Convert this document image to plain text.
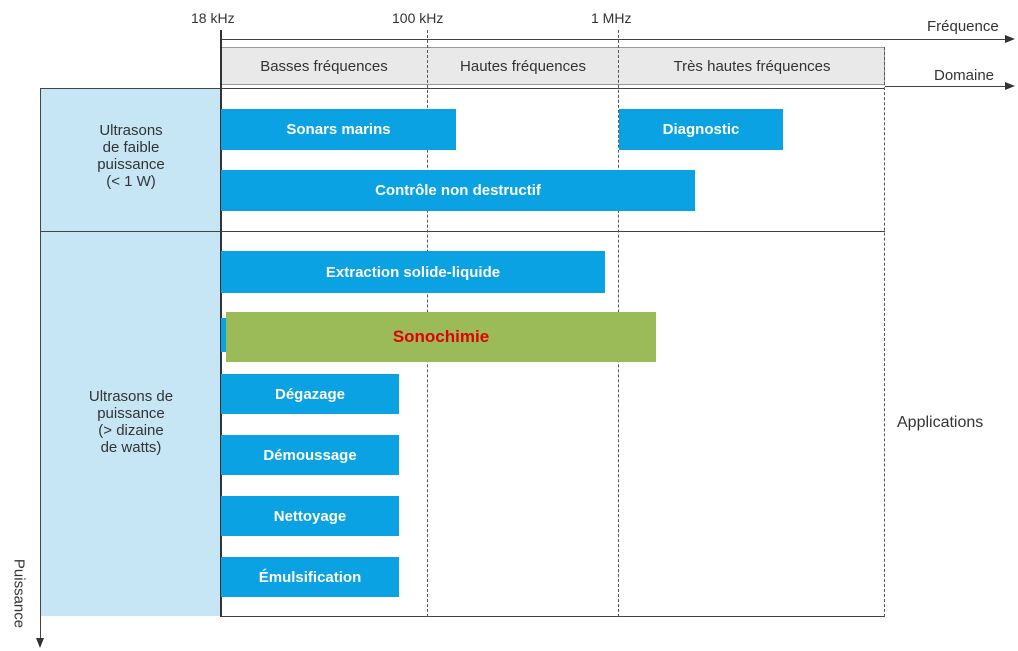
18 kHz	100 kHz	1 MHz	Fréquence
Basses fréquences	Hautes fréquences	Très hautes fréquences
Domaine
Puissance
Ultrasons
de faible
puissance
(< 1 W)
Ultrasons de
puissance
(> dizaine
de watts)
Applications
Sonars marins	Diagnostic
Contrôle non destructif
Extraction solide-liquide
Sonochimie
Dégazage
Démoussage
Nettoyage
Émulsification
